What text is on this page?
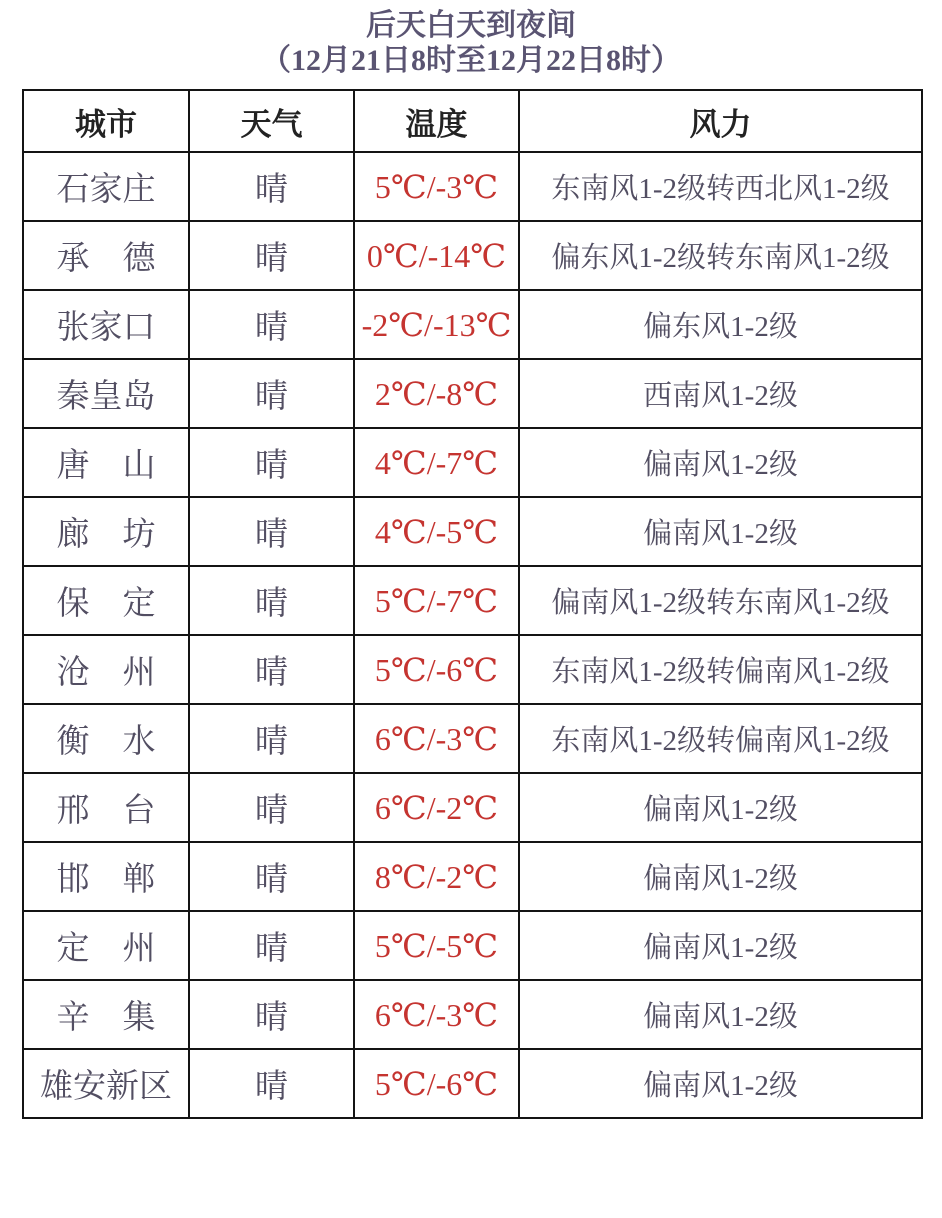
后天白天到夜间
（12月21日8时至12月22日8时）
城市	天气	温度	风力
石家庄	晴	5℃/-3℃	东南风1-2级转西北风1-2级
承　德	晴	0℃/-14℃	偏东风1-2级转东南风1-2级
张家口	晴	-2℃/-13℃	偏东风1-2级
秦皇岛	晴	2℃/-8℃	西南风1-2级
唐　山	晴	4℃/-7℃	偏南风1-2级
廊　坊	晴	4℃/-5℃	偏南风1-2级
保　定	晴	5℃/-7℃	偏南风1-2级转东南风1-2级
沧　州	晴	5℃/-6℃	东南风1-2级转偏南风1-2级
衡　水	晴	6℃/-3℃	东南风1-2级转偏南风1-2级
邢　台	晴	6℃/-2℃	偏南风1-2级
邯　郸	晴	8℃/-2℃	偏南风1-2级
定　州	晴	5℃/-5℃	偏南风1-2级
辛　集	晴	6℃/-3℃	偏南风1-2级
雄安新区	晴	5℃/-6℃	偏南风1-2级
